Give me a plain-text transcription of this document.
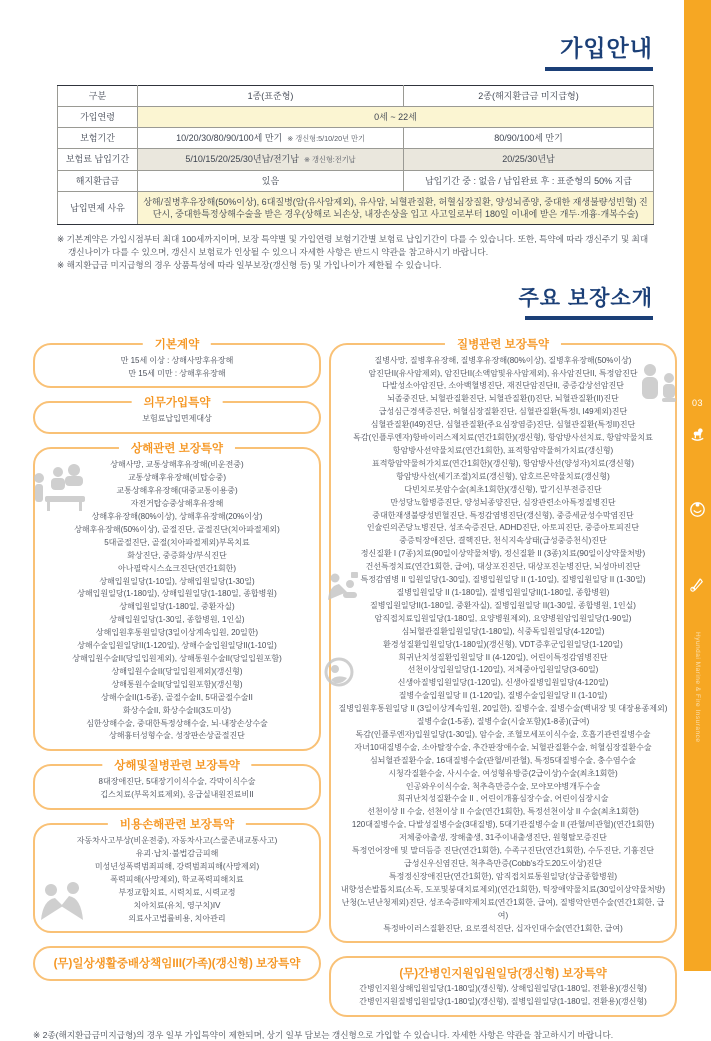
03
Hyundai Marine & Fire Insurance
가입안내
구분	1종(표준형)	2종(해지환급금 미지급형)
가입연령	0세 ~ 22세	
보험기간	10/20/30/80/90/100세 만기 ※ 갱신형:5/10/20년 만기	80/90/100세 만기
보험료 납입기간	5/10/15/20/25/30년납/전기납 ※ 갱신형:전기납	20/25/30년납
해지환급금	있음	납입기간 중 : 없음 / 납입완료 후 : 표준형의 50% 지급
납입면제 사유	상해/질병후유장해(50%이상), 6대질병(암(유사암제외), 유사암, 뇌혈관질환, 허혈심장질환, 양성뇌종양, 중대한 재생불량성빈혈) 진단시, 중대한특정상해수술을 받은 경우(상해로 뇌손상, 내장손상을 입고 사고일로부터 180일 이내에 받은 개두·개흉·개복수술)	
※ 기본계약은 가입시점부터 최대 100세까지이며, 보장 특약별 및 가입연령 보험기간별 보험료 납입기간이 다를 수 있습니다. 또한, 특약에 따라 갱신주기 및 최대 갱신나이가 다를 수 있으며, 갱신시 보험료가 인상될 수 있으니 자세한 사항은 반드시 약관을 참고하시기 바랍니다.
※ 해지환급금 미지급형의 경우 상품특성에 따라 일부보장(갱신형 등) 및 가입나이가 제한될 수 있습니다.
주요 보장소개
기본계약
만 15세 이상 : 상해사망후유장해
만 15세 미만 : 상해후유장해
의무가입특약
보험료납입면제대상
상해관련 보장특약
상해사망, 교통상해후유장해(비운전중)
교통상해후유장해(비탑승중)
교통상해후유장해(대중교통이용중)
자전거탑승중상해후유장해
상해후유장해(80%이상), 상해후유장해(20%이상)
상해후유장해(50%이상), 골절진단, 골절진단(치아파절제외)
5대골절진단, 골절(치아파절제외)부목치료
화상진단, 중증화상/부식진단
아나필락시스쇼크진단(연간1회한)
상해입원일당(1-10일), 상해입원일당(1-30일)
상해입원일당(1-180일), 상해입원일당(1-180일, 종합병원)
상해입원일당(1-180일, 중환자실)
상해입원일당(1-30일, 종합병원, 1인실)
상해입원후통원일당(3일이상계속입원, 20일한)
상해수술입원일당II(1-120일), 상해수술입원일당II(1-10일)
상해입원수술II(당일입원제외), 상해통원수술II(당일입원포함)
상해입원수술II(당일입원제외)(갱신형)
상해통원수술II(당일입원포함)(갱신형)
상해수술II(1-5종), 골절수술II, 5대골절수술II
화상수술II, 화상수술II(3도미상)
심한상해수술, 중대한특정상해수술, 뇌·내장손상수술
상해흉터성형수술, 성장판손상골절진단
상해및질병관련 보장특약
8대장애진단, 5대장기이식수술, 각막이식수술
깁스치료(부목치료제외), 응급실내원진료비II
비용손해관련 보장특약
자동차사고부상(비운전중), 자동차사고(스쿨존내교통사고)
유괴·납치·불법감금피해
미성년성폭력범죄피해, 강력범죄피해(사망제외)
폭력피해(사망제외), 학교폭력피해치료
부정교합치료, 시력치료, 시력교정
치아치료(유치, 영구치)IV
의료사고법률비용, 치아관리
(무)일상생활중배상책임III(가족)(갱신형) 보장특약
질병관련 보장특약
질병사망, 질병후유장해, 질병후유장해(80%이상), 질병후유장해(50%이상)
암진단II(유사암제외), 암진단II(소액암및유사암제외), 유사암진단II, 특정암진단
다발성소아암진단, 소아백혈병진단, 재진단암진단II, 중증갑상선암진단
뇌졸중진단, 뇌혈관질환진단, 뇌혈관질환(I)진단, 뇌혈관질환(II)진단
급성심근경색증진단, 허혈심장질환진단, 심혈관질환(특정I, I49제외)진단
심혈관질환(I49)진단, 심혈관질환(주요심장염증)진단, 심혈관질환(특정II)진단
독감(인플루엔자)항바이러스제치료(연간1회한)(갱신형), 항암방사선치료, 항암약물치료
항암방사선약물치료(연간1회한), 표적항암약물허가치료(갱신형)
표적항암약물허가치료(연간1회한)(갱신형), 항암방사선(양성자)치료(갱신형)
항암방사선(세기조절)치료(갱신형), 암호르몬약물치료(갱신형)
다빈치로봇암수술(최초1회한)(갱신형), 말기신부전증진단
만성당뇨합병증진단, 양성뇌종양진단, 심장관련소아특정질병진단
중대한재생불량성빈혈진단, 특정감염병진단(갱신형), 중증세균성수막염진단
인슐린의존당뇨병진단, 성조숙증진단, ADHD진단, 아토피진단, 중증아토피진단
중증틱장애진단, 결핵진단, 천식지속상태(급성중증천식)진단
정신질환 I (7종)치료(90일이상약물처방), 정신질환 II (3종)치료(90일이상약물처방)
건선특정치료(연간1회한, 급여), 대상포진진단, 대상포진눈병진단, 뇌성마비진단
특정감염병 II 입원일당(1-30일), 질병입원일당 II (1-10일), 질병입원일당 II (1-30일)
질병입원일당 II (1-180일), 질병입원일당II(1-180일, 종합병원)
질병입원일당II(1-180일, 중환자실), 질병입원일당 II(1-30일, 종합병원, 1인실)
암직접치료입원일당(1-180일, 요양병원제외), 요양병원암입원일당(1-90일)
심뇌혈관질환입원일당(1-180일), 식중독입원일당(4-120일)
환경성질환입원일당(1-180일)(갱신형), VDT증후군입원일당(1-120일)
희귀난치성질환입원일당 II (4-120일), 어린이특정감염병진단
선천이상입원일당(1-120일), 저체중아입원일당(3-60일)
신생아질병입원일당(1-120일), 신생아질병입원일당(4-120일)
질병수술입원일당 II (1-120일), 질병수술입원일당 II (1-10일)
질병입원후통원일당 II (3일이상계속입원, 20일한), 질병수술, 질병수술(백내장 및 대장용종제외)
질병수술(1-5종), 질병수술(시술포함)(1-8종)(급여)
독감(인플루엔자)입원일당(1-30일), 암수술, 조혈모세포이식수술, 호흡기관련질병수술
자녀10대질병수술, 소아탈장수술, 추간판장애수술, 뇌혈관질환수술, 허혈심장질환수술
심뇌혈관질환수술, 16대질병수술(관혈/비관혈), 특정5대질병수술, 충수염수술
시청각질환수술, 사시수술, 여성형유방증(2급이상)수술(최초1회한)
인공와우이식수술, 척추측만증수술, 모야모야병개두수술
희귀난치성질환수술 II , 어린이개흉심장수술, 어린이심장시술
선천이상 II 수술, 선천이상 II 수술(연간1회한), 특정선천이상 II 수술(최초1회한)
120대질병수술, 다발성질병수술(3대질병), 5대기관질병수술 II (관혈/비관혈)(연간1회한)
저체중아출생, 장해출생, 31주이내출생진단, 원형탈모증진단
특정언어장애 및 말더듬증 진단(연간1회한), 수족구진단(연간1회한), 수두진단, 기흉진단
급성신우신염진단, 척추측만증(Cobb's각도20도이상)진단
특정정신장애진단(연간1회한), 암직접치료통원일당(상급종합병원)
내향성손발톱치료(소독, 도포및붕대치료제외)(연간1회한), 틱장애약물치료(30일이상약물처방)
난청(노년난청제외)진단, 성조숙증II약제치료(연간1회한, 급여), 질병악안면수술(연간1회한, 급여)
특정바이러스질환진단, 요로결석진단, 십자인대수술(연간1회한, 급여)
(무)간병인지원입원일당(갱신형) 보장특약
간병인지원상해입원일당(1-180일)(갱신형), 상해입원일당(1-180일, 전환용)(갱신형)
간병인지원질병입원일당(1-180일)(갱신형), 질병입원일당(1-180일, 전환용)(갱신형)
※ 2종(해지환급금미지급형)의 경우 일부 가입특약이 제한되며, 상기 일부 담보는 갱신형으로 가입할 수 있습니다. 자세한 사항은 약관을 참고하시기 바랍니다.
